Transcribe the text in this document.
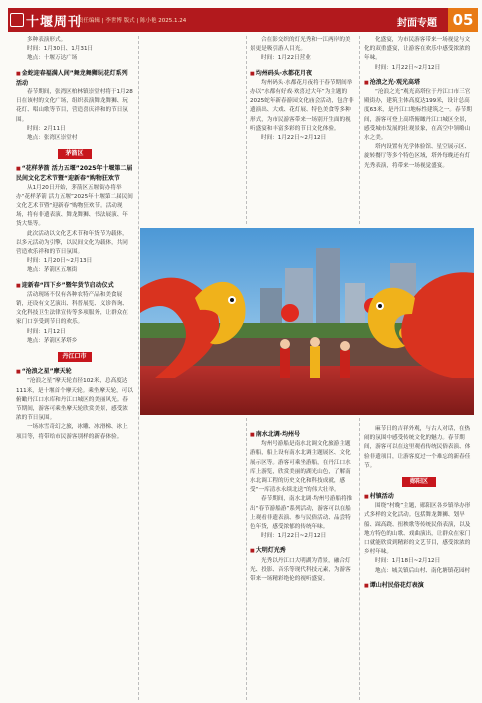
十堰周刊
责任编辑 | 李世博 版式 | 陈小艳 2025.1.24	封面专题	05

多种表演形式。

时间：1月30日、1月31日

地点：十堰万达广场

■ 金蛇迎春福满人间”舞龙舞狮玩花灯系列活动

春节期间，张湾区柏林镇崇堂村将于1月28日在该村的文化广场，组织表演舞龙舞狮、玩花灯、唱山歌等节目，营造喜庆祥和的节日氛围。

时间：2月11日

地点：张湾区崇堂村

茅箭区
■ “花样茅箭 活力五堰”2025年十堰第二届民间文化艺术节暨“迎新春”购物狂欢节

从1月20日开始，茅箭区五堰街办将举办“花样茅箭 活力五堰”2025年十堰第二届民间文化艺术节暨“迎新春”购物狂欢节。活动现场，将有非遗表演、舞龙舞狮、书法展演、年货大集等。

此次活动以文化艺术节和年货节为载体，以多元活动为引擎，以民间文化为载体，共同营造欢乐祥和的节日氛围。

时间：1月20日~2月13日

地点：茅箭区五堰街

■ 迎新春“四下乡”暨年货节启动仪式

活动现场不仅有各种农特产品和美食展销，还设有文艺演出、科普展览、义诊咨询、文化科技卫生法律宣传等多项服务，让群众在家门口享受到节日的欢乐。

时间：1月12日

地点：茅箭区茅塔乡

丹江口市
■ “沧浪之星”摩天轮

“沧浪之星”摩天轮直径102米，总高度达111米，是十堰首个摩天轮。乘坐摩天轮，可以俯瞰丹江口水库和丹江口城区的美丽风光。春节期间，游客可乘坐摩天轮欣赏美景，感受浓浓的节日氛围。

一场冰雪奇幻之旅，冰雕、冰滑梯、冰上项目等，将带给市民游客别样的新春体验。

合在影交织的灯光秀和一江两岸的美景更是吸引游人目光。

时间：1月22日营业

■ 均州码头·水都花月夜

均州码头·水都花月夜将于春节期间举办以“水都有好戏·欢喜过大年”为主题的2025蛇年新春游园文化庙会活动，包含非遗演出、大戏、花灯展、特色美食等多种形式，为市民游客带来一场别开生面的视听盛宴和丰富多彩的节日文化体验。

时间：1月22日~2月12日

化盛宴，为市民游客带来一场视觉与文化的双重盛宴，让游客在欢乐中感受浓浓的年味。

时间：1月22日~2月12日

■ 沧浪之光·观光高塔

“沧浪之光”观光高塔位于丹江口市三官殿街办，建筑主体高度达199米，设计总高度63米，是丹江口地标性建筑之一。春节期间，游客可登上高塔俯瞰丹江口城区全景，感受城市发展的壮观景象，在高空中领略山水之美。

塔内设置有光学体验馆、星空展示区、旋转餐厅等多个特色区域，塔外每晚还有灯光秀表演，将带来一场视觉盛宴。

■ 南水北调·均州号

均州号游船是南水北调文化旅游主题游船，船上设有南水北调主题展区、文化展示区等。游客可乘坐游船，在丹江口水库上游览，欣赏美丽的湖光山色，了解南水北调工程的历史文化和科技成就，感受“一库清水永续北送”的伟大壮举。

春节期间，南水北调·均州号游船将推出“春节游船游”系列活动，游客可以在船上观看非遗表演、参与民俗活动、品尝特色年货，感受浓郁的传统年味。

时间：1月22日~2月12日

■ 大明灯光秀

光秀以丹江口大明湖为背景，融合灯光、投影、音乐等现代科技元素，为游客带来一场精彩绝伦的视听盛宴。

麻节日的吉祥外观，与古人对话，在热闹的氛围中感受传统文化的魅力。春节期间，游客可以在这里观看传统民俗表演、体验非遗项目，让游客度过一个难忘的新春佳节。

郧阳区
■ 村镇活动

围绕“村晚”主题，郧阳区各乡镇举办形式多样的文化活动。包括舞龙舞狮、划旱船、踩高跷、扭秧歌等传统民俗表演，以及地方特色的山歌、戏曲演出，让群众在家门口就能欣赏到精彩的文艺节目，感受浓浓的乡村年味。

时间：1月18日~2月12日

地点：城关镇后山村、南化塘镇花园村

■ 谭山村民俗花灯表演
